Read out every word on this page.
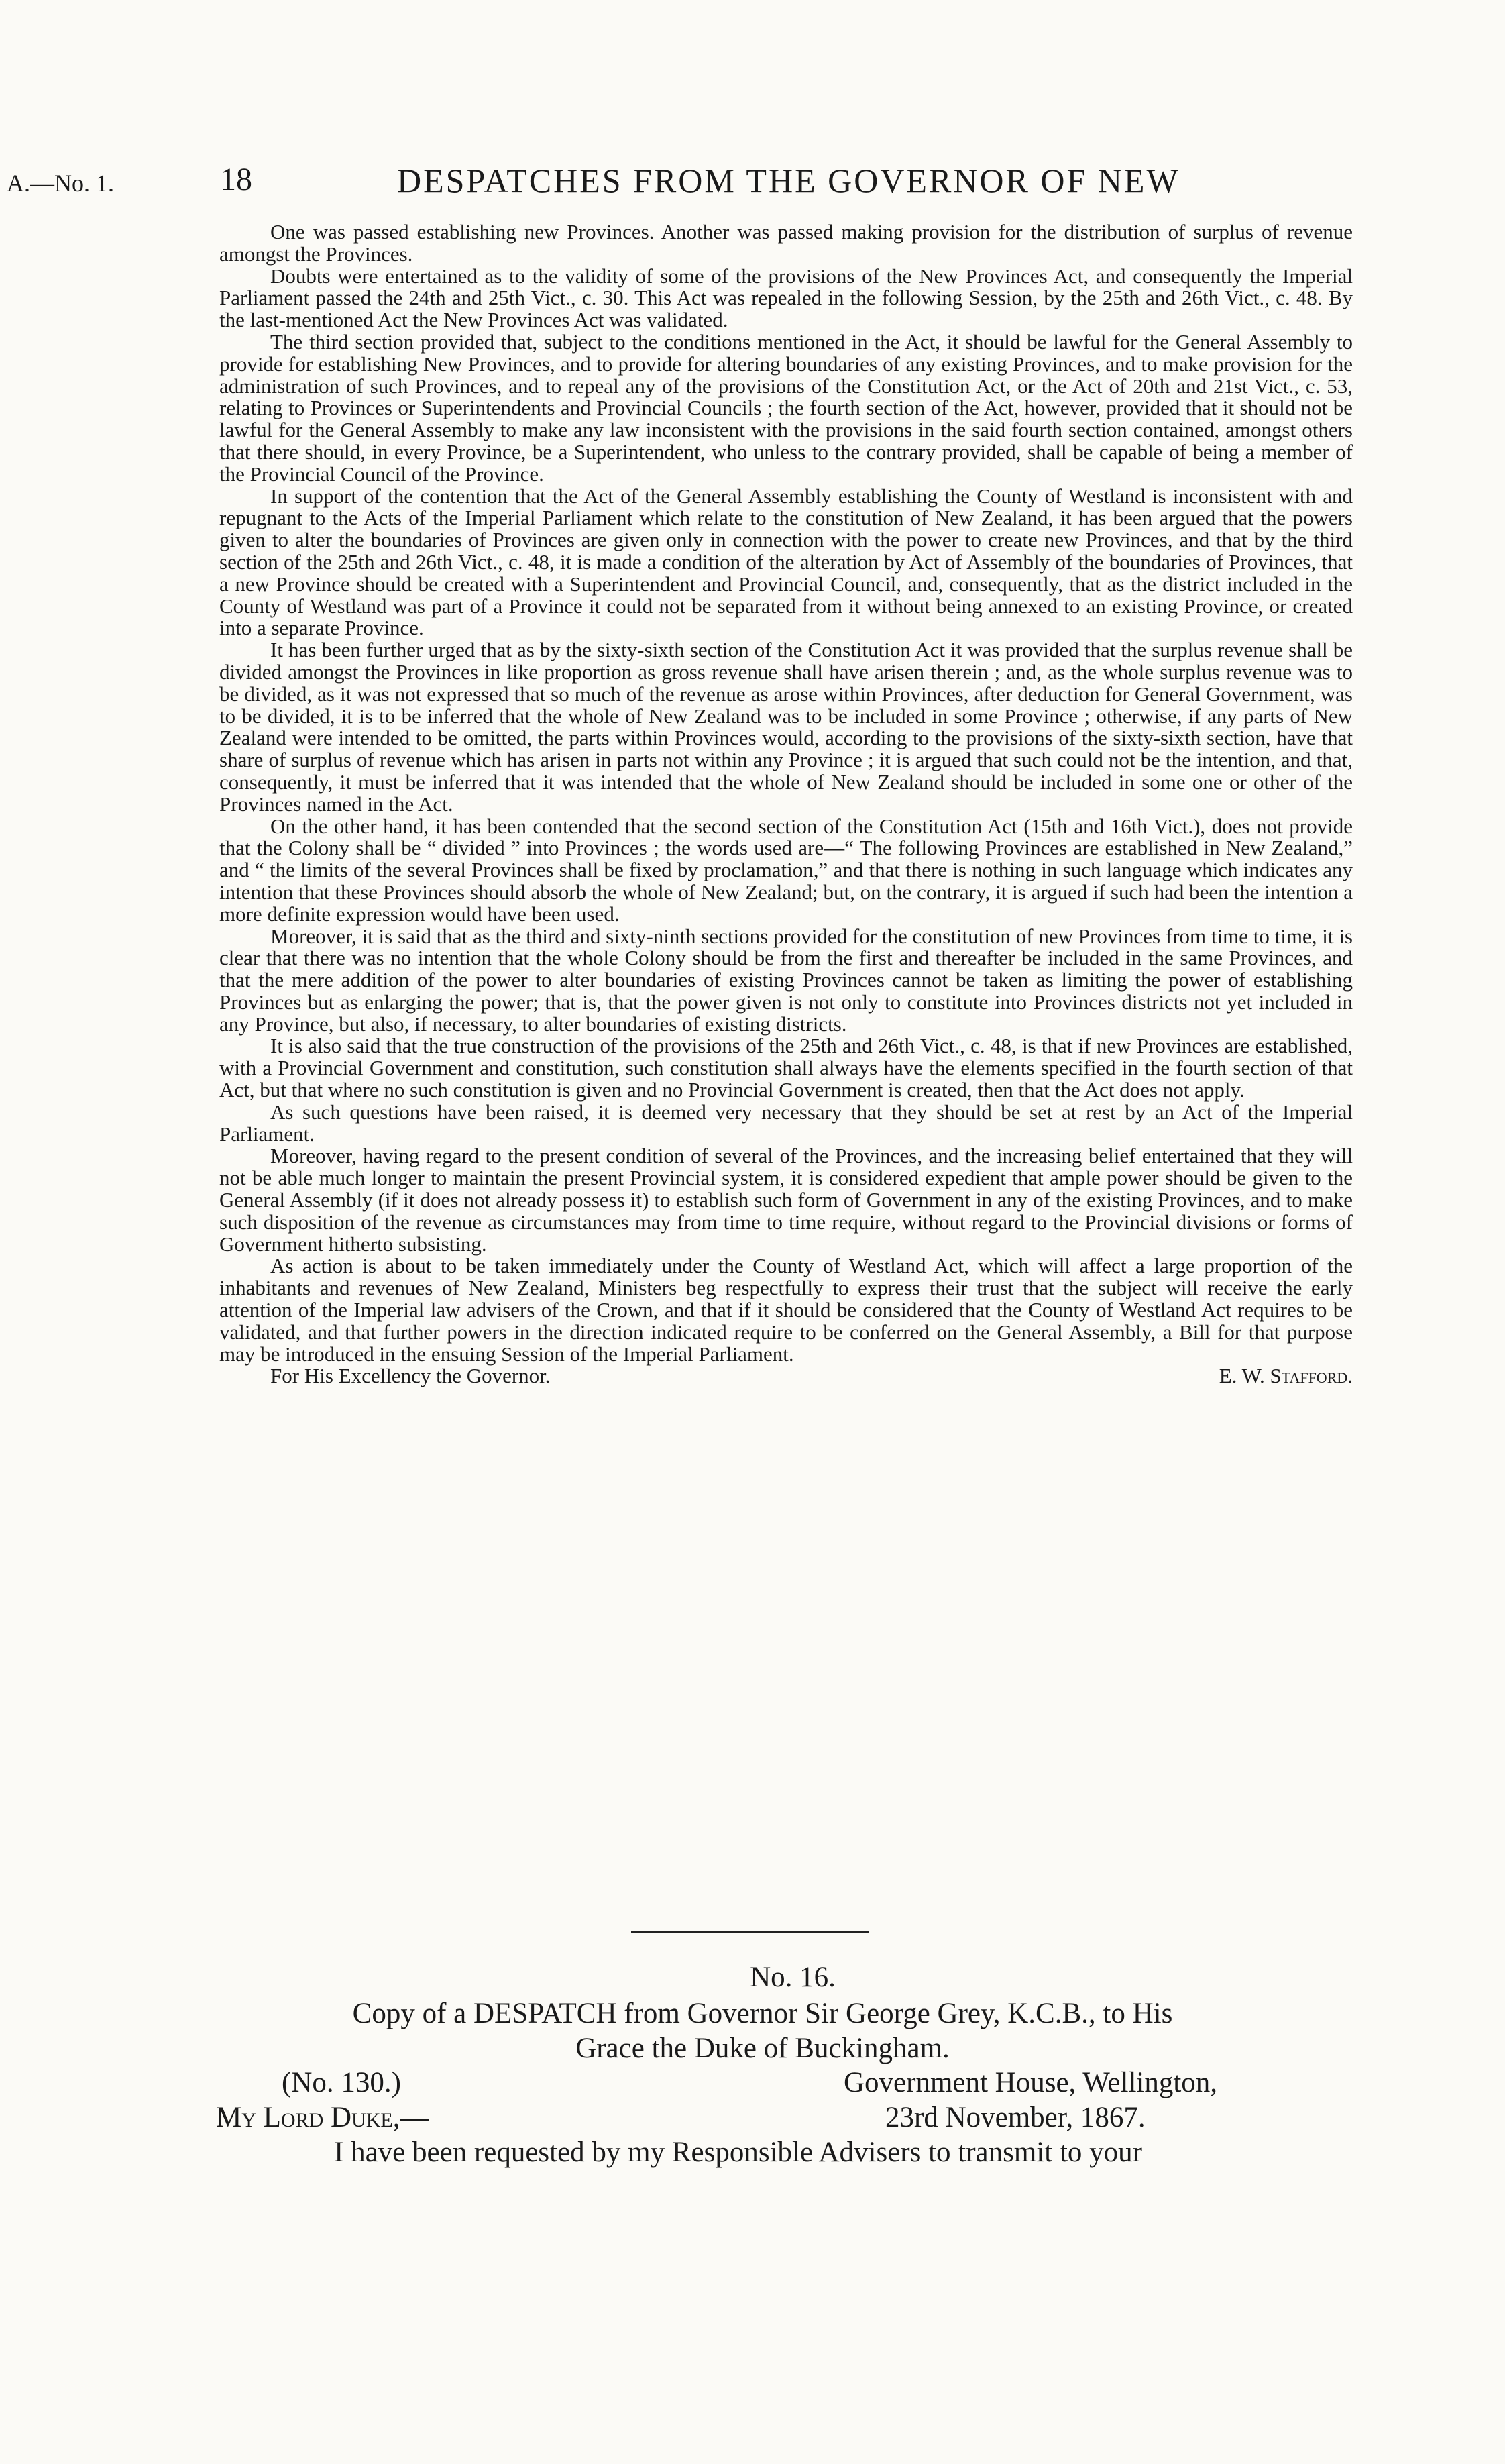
A.—No. 1.	18	DESPATCHES FROM THE GOVERNOR OF NEW

One was passed establishing new Provinces. Another was passed making provision for the distribution of surplus of revenue amongst the Provinces.

Doubts were entertained as to the validity of some of the provisions of the New Provinces Act, and consequently the Imperial Parliament passed the 24th and 25th Vict., c. 30. This Act was repealed in the following Session, by the 25th and 26th Vict., c. 48. By the last-mentioned Act the New Provinces Act was validated.

The third section provided that, subject to the conditions mentioned in the Act, it should be lawful for the General Assembly to provide for establishing New Provinces, and to provide for altering boundaries of any existing Provinces, and to make provision for the administration of such Provinces, and to repeal any of the provisions of the Constitution Act, or the Act of 20th and 21st Vict., c. 53, relating to Provinces or Superintendents and Provincial Councils ; the fourth section of the Act, however, provided that it should not be lawful for the General Assembly to make any law inconsistent with the provisions in the said fourth section contained, amongst others that there should, in every Province, be a Superintendent, who unless to the contrary provided, shall be capable of being a member of the Provincial Council of the Province.

In support of the contention that the Act of the General Assembly establishing the County of Westland is inconsistent with and repugnant to the Acts of the Imperial Parliament which relate to the constitution of New Zealand, it has been argued that the powers given to alter the boundaries of Provinces are given only in connection with the power to create new Provinces, and that by the third section of the 25th and 26th Vict., c. 48, it is made a condition of the alteration by Act of Assembly of the boundaries of Provinces, that a new Province should be created with a Superintendent and Provincial Council, and, consequently, that as the district included in the County of Westland was part of a Province it could not be separated from it without being annexed to an existing Province, or created into a separate Province.

It has been further urged that as by the sixty-sixth section of the Constitution Act it was provided that the surplus revenue shall be divided amongst the Provinces in like proportion as gross revenue shall have arisen therein ; and, as the whole surplus revenue was to be divided, as it was not expressed that so much of the revenue as arose within Provinces, after deduction for General Government, was to be divided, it is to be inferred that the whole of New Zealand was to be included in some Province ; otherwise, if any parts of New Zealand were intended to be omitted, the parts within Provinces would, according to the provisions of the sixty-sixth section, have that share of surplus of revenue which has arisen in parts not within any Province ; it is argued that such could not be the intention, and that, consequently, it must be inferred that it was intended that the whole of New Zealand should be included in some one or other of the Provinces named in the Act.

On the other hand, it has been contended that the second section of the Constitution Act (15th and 16th Vict.), does not provide that the Colony shall be “ divided ” into Provinces ; the words used are—“ The following Provinces are established in New Zealand,” and “ the limits of the several Provinces shall be fixed by proclamation,” and that there is nothing in such language which indicates any intention that these Provinces should absorb the whole of New Zealand; but, on the contrary, it is argued if such had been the intention a more definite expression would have been used.

Moreover, it is said that as the third and sixty-ninth sections provided for the constitution of new Provinces from time to time, it is clear that there was no intention that the whole Colony should be from the first and thereafter be included in the same Provinces, and that the mere addition of the power to alter boundaries of existing Provinces cannot be taken as limiting the power of establishing Provinces but as enlarging the power; that is, that the power given is not only to constitute into Provinces districts not yet included in any Province, but also, if necessary, to alter boundaries of existing districts.

It is also said that the true construction of the provisions of the 25th and 26th Vict., c. 48, is that if new Provinces are established, with a Provincial Government and constitution, such constitution shall always have the elements specified in the fourth section of that Act, but that where no such constitution is given and no Provincial Government is created, then that the Act does not apply.

As such questions have been raised, it is deemed very necessary that they should be set at rest by an Act of the Imperial Parliament.

Moreover, having regard to the present condition of several of the Provinces, and the increasing belief entertained that they will not be able much longer to maintain the present Provincial system, it is considered expedient that ample power should be given to the General Assembly (if it does not already possess it) to establish such form of Government in any of the existing Provinces, and to make such disposition of the revenue as circumstances may from time to time require, without regard to the Provincial divisions or forms of Government hitherto subsisting.

As action is about to be taken immediately under the County of Westland Act, which will affect a large proportion of the inhabitants and revenues of New Zealand, Ministers beg respectfully to express their trust that the subject will receive the early attention of the Imperial law advisers of the Crown, and that if it should be considered that the County of Westland Act requires to be validated, and that further powers in the direction indicated require to be conferred on the General Assembly, a Bill for that purpose may be introduced in the ensuing Session of the Imperial Parliament.

For His Excellency the Governor.	E. W. Stafford.
No. 16.
Copy of a DESPATCH from Governor Sir George Grey, K.C.B., to His
Grace the Duke of Buckingham.
(No. 130.)	Government House, Wellington,
My Lord Duke,—	23rd November, 1867.
I have been requested by my Responsible Advisers to transmit to your
